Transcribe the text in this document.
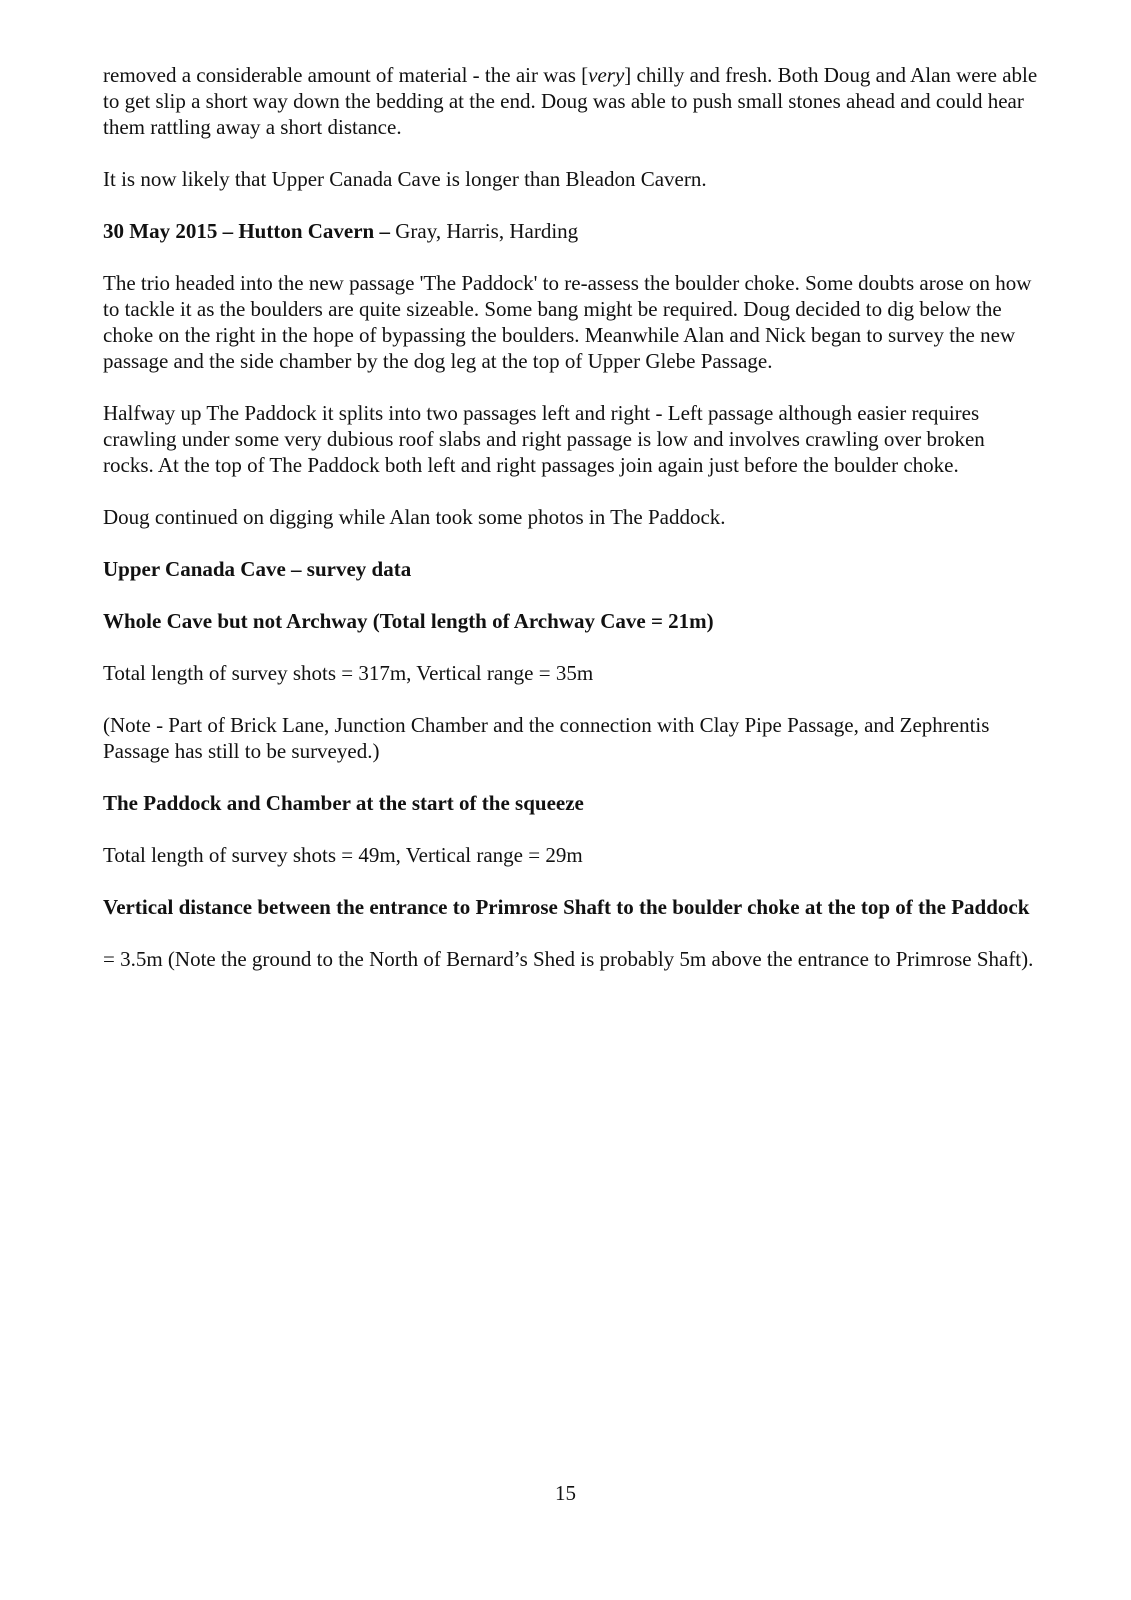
removed a considerable amount of material - the air was [very] chilly and fresh. Both Doug and Alan were able to get slip a short way down the bedding at the end. Doug was able to push small stones ahead and could hear them rattling away a short distance.

It is now likely that Upper Canada Cave is longer than Bleadon Cavern.

30 May 2015 – Hutton Cavern – Gray, Harris, Harding

The trio headed into the new passage 'The Paddock' to re-assess the boulder choke. Some doubts arose on how to tackle it as the boulders are quite sizeable. Some bang might be required. Doug decided to dig below the choke on the right in the hope of bypassing the boulders. Meanwhile Alan and Nick began to survey the new passage and the side chamber by the dog leg at the top of Upper Glebe Passage.

Halfway up The Paddock it splits into two passages left and right - Left passage although easier requires crawling under some very dubious roof slabs and right passage is low and involves crawling over broken rocks. At the top of The Paddock both left and right passages join again just before the boulder choke.

Doug continued on digging while Alan took some photos in The Paddock.

Upper Canada Cave – survey data

Whole Cave but not Archway (Total length of Archway Cave = 21m)

Total length of survey shots = 317m, Vertical range = 35m

(Note - Part of Brick Lane, Junction Chamber and the connection with Clay Pipe Passage, and Zephrentis Passage has still to be surveyed.)

The Paddock and Chamber at the start of the squeeze

Total length of survey shots = 49m, Vertical range = 29m

Vertical distance between the entrance to Primrose Shaft to the boulder choke at the top of the Paddock

= 3.5m (Note the ground to the North of Bernard’s Shed is probably 5m above the entrance to Primrose Shaft).

15
